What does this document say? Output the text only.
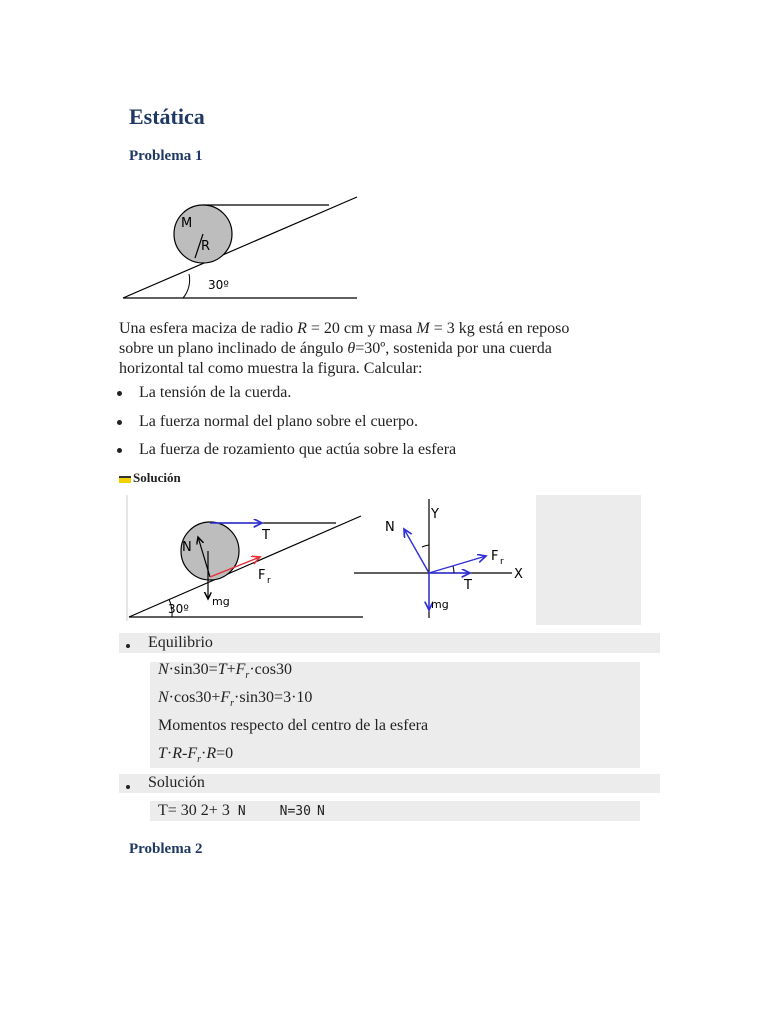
Estática
Problema 1
M
R
30º
Una esfera maciza de radio R = 20 cm y masa M = 3 kg está en reposo
sobre un plano inclinado de ángulo θ=30º, sostenida por una cuerda
horizontal tal como muestra la figura. Calcular:
La tensión de la cuerda.
La fuerza normal del plano sobre el cuerpo.
La fuerza de rozamiento que actúa sobre la esfera
Solución
N
T
F r
mg
30º
N
Y
F r
T
X
mg
Equilibrio
$N\cdot\sin 30=T+F_r\cdot\cos 30$
$N\cdot\cos 30+F_r\cdot\sin 30=3\cdot 10$
Momentos respecto del centro de la esfera
$T\cdot R-F_r\cdot R=0$
Solución
T= 30 2+ 3 N	N=30 N
Problema 2
